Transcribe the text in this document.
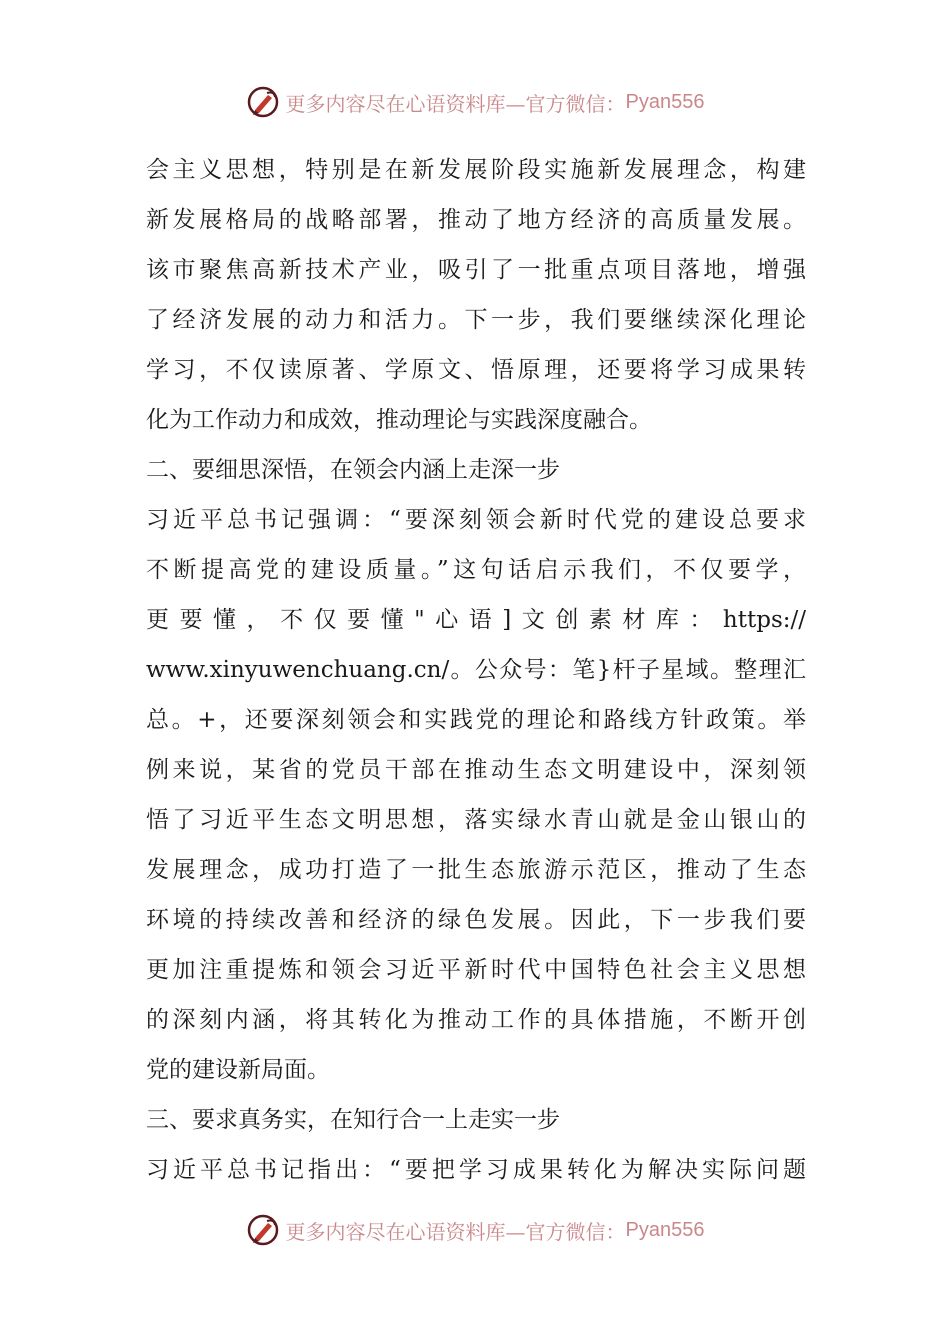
更多内容尽在心语资料库—官方微信： Pyan556
会主义思想，特别是在新发展阶段实施新发展理念，构建
新发展格局的战略部署，推动了地方经济的高质量发展。
该市聚焦高新技术产业，吸引了一批重点项目落地，增强
了经济发展的动力和活力。下一步，我们要继续深化理论
学习，不仅读原著、学原文、悟原理，还要将学习成果转
化为工作动力和成效，推动理论与实践深度融合。
二、要细思深悟，在领会内涵上走深一步
习近平总书记强调：“要深刻领会新时代党的建设总要求
不断提高党的建设质量。”这句话启示我们，不仅要学，
更要懂，不仅要懂"心语]文创素材库：https://
www.xinyuwenchuang.cn/。公众号：笔}杆子星域。整理汇
总。+，还要深刻领会和实践党的理论和路线方针政策。举
例来说，某省的党员干部在推动生态文明建设中，深刻领
悟了习近平生态文明思想，落实绿水青山就是金山银山的
发展理念，成功打造了一批生态旅游示范区，推动了生态
环境的持续改善和经济的绿色发展。因此，下一步我们要
更加注重提炼和领会习近平新时代中国特色社会主义思想
的深刻内涵，将其转化为推动工作的具体措施，不断开创
党的建设新局面。
三、要求真务实，在知行合一上走实一步
习近平总书记指出：“要把学习成果转化为解决实际问题
更多内容尽在心语资料库—官方微信： Pyan556
